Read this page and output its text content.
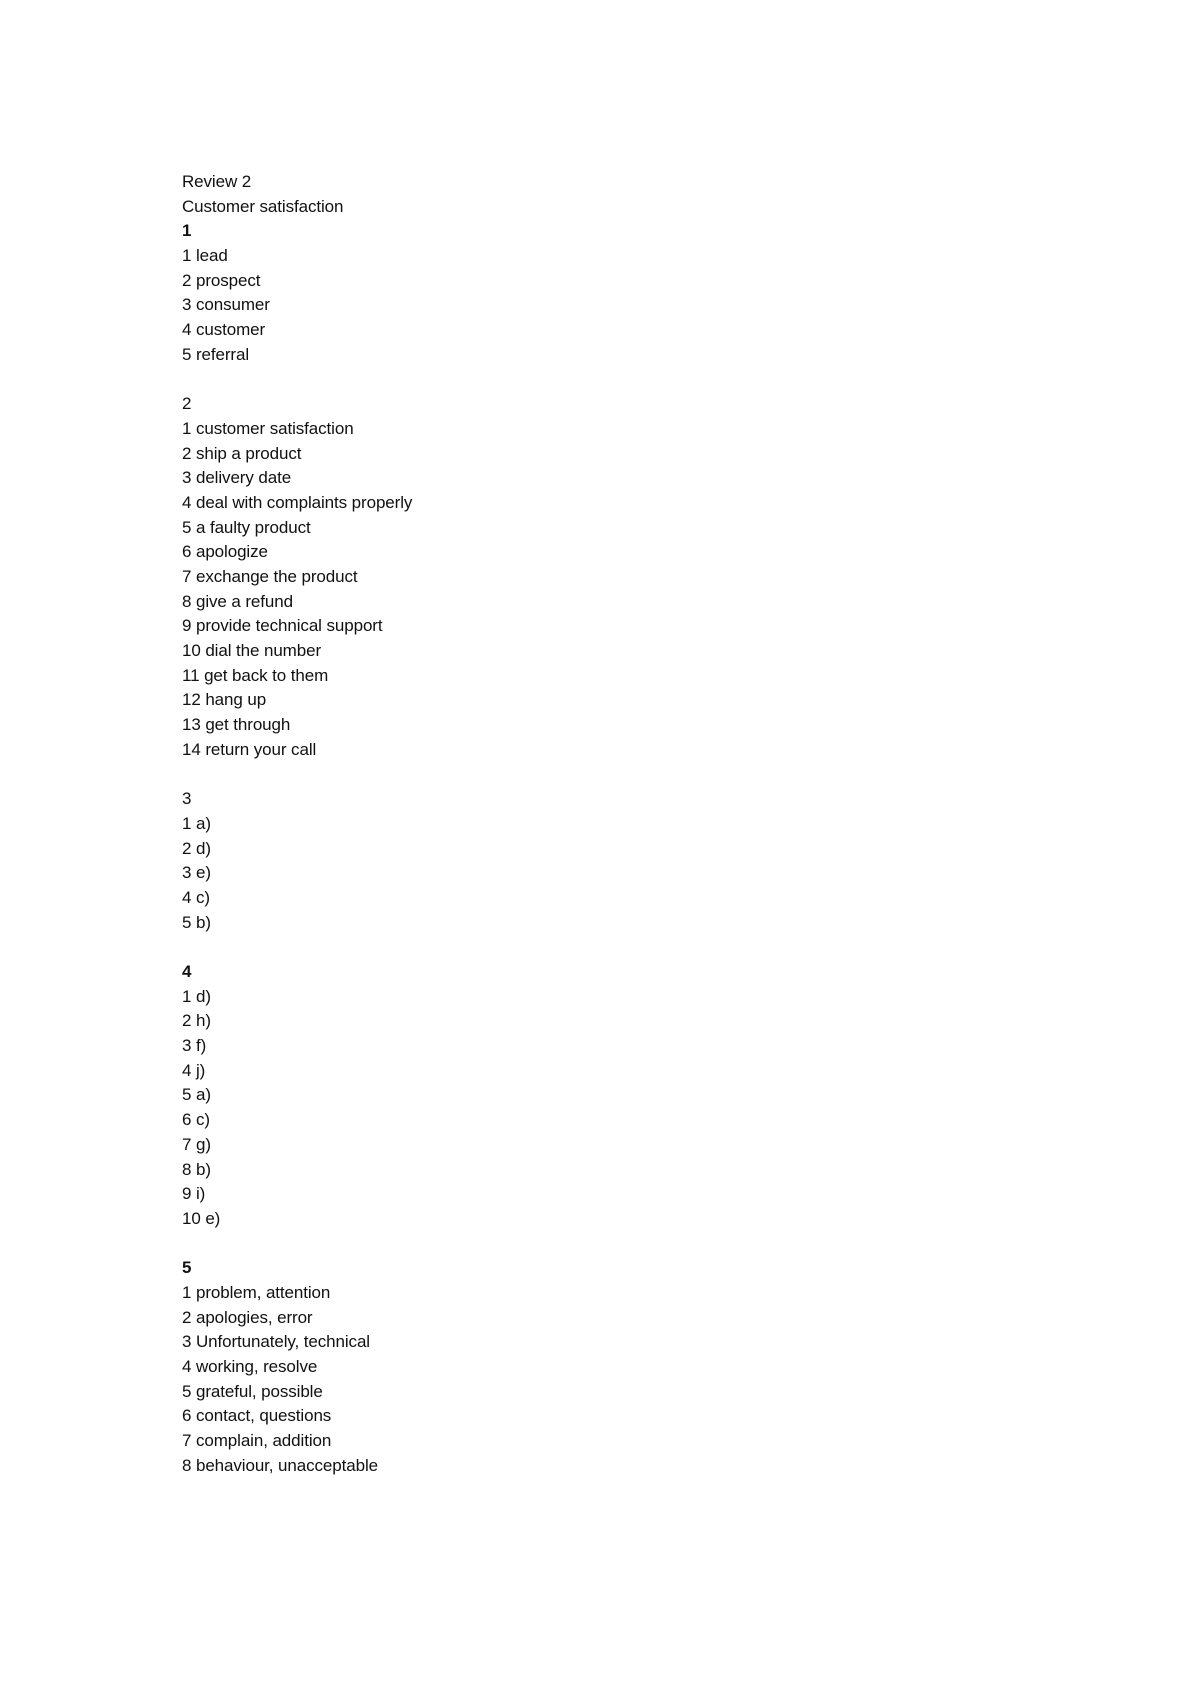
Review 2
Customer satisfaction
1
1 lead
2 prospect
3 consumer
4 customer
5 referral
2
1 customer satisfaction
2 ship a product
3 delivery date
4 deal with complaints properly
5 a faulty product
6 apologize
7 exchange the product
8 give a refund
9 provide technical support
10 dial the number
11 get back to them
12 hang up
13 get through
14 return your call
3
1 a)
2 d)
3 e)
4 c)
5 b)
4
1 d)
2 h)
3 f)
4 j)
5 a)
6 c)
7 g)
8 b)
9 i)
10 e)
5
1 problem, attention
2 apologies, error
3 Unfortunately, technical
4 working, resolve
5 grateful, possible
6 contact, questions
7 complain, addition
8 behaviour, unacceptable
